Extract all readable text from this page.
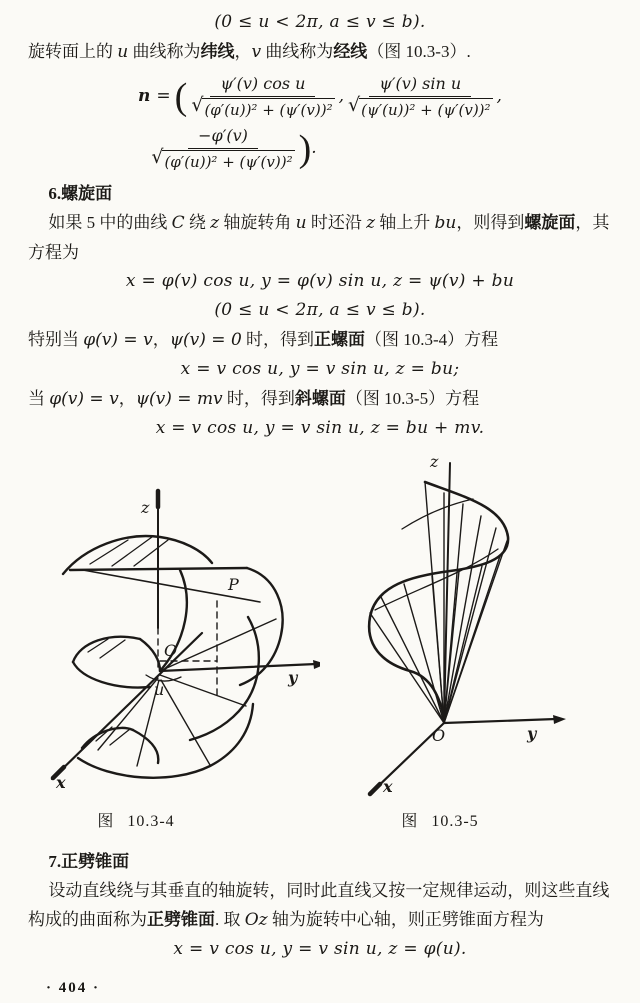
(0 ≤ u < 2π, a ≤ v ≤ b).

旋转面上的 u 曲线称为纬线，v 曲线称为经线（图 10.3-3）.

n = ( $\frac{\text{ψ′(v) cos u}}{\text{√ (φ′(u))² + (ψ′(v))²}}$ , $\frac{\text{ψ′(v) sin u}}{\text{√ (ψ′(u))² + (ψ′(v))²}}$ ,
$\frac{-\varphi'(v)}{\text{√ (φ′(u))² + (ψ′(v))²}}$ ) .

6.螺旋面

如果 5 中的曲线 C 绕 z 轴旋转角 u 时还沿 z 轴上升 bu，则得到螺旋面，其

方程为

x = φ(v) cos u, y = φ(v) sin u, z = ψ(v) + bu

(0 ≤ u < 2π, a ≤ v ≤ b).

特别当 φ(v) = v，ψ(v) = 0 时，得到正螺面（图 10.3-4）方程

x = v cos u, y = v sin u, z = bu;

当 φ(v) = v，ψ(v) = mv 时，得到斜螺面（图 10.3-5）方程

x = v cos u, y = v sin u, z = bu + mv.

z
P
O
u
y
x

图 10.3-4

z
O	y
x

图 10.3-5

7.正劈锥面

设动直线绕与其垂直的轴旋转，同时此直线又按一定规律运动，则这些直线

构成的曲面称为正劈锥面. 取 Oz 轴为旋转中心轴，则正劈锥面方程为

x = v cos u, y = v sin u, z = φ(u).

· 404 ·
